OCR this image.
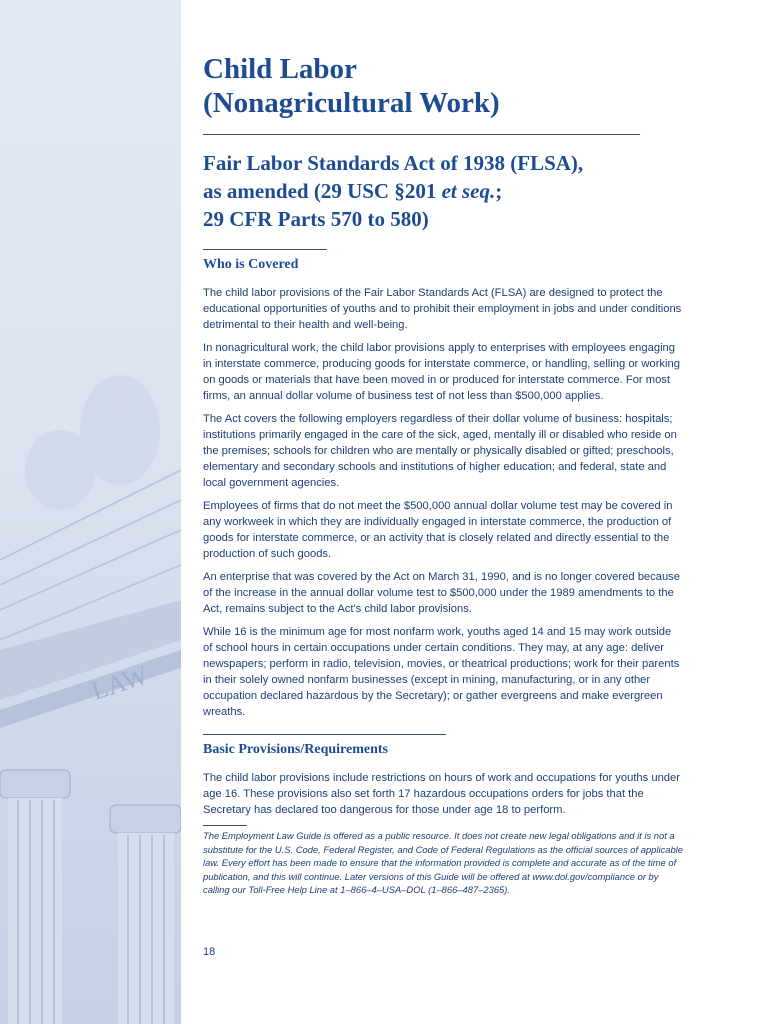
LAW
Child Labor
(Nonagricultural Work)
Fair Labor Standards Act of 1938 (FLSA),
as amended (29 USC §201 et seq.;
29 CFR Parts 570 to 580)
Who is Covered

The child labor provisions of the Fair Labor Standards Act (FLSA) are designed to protect the educational opportunities of youths and to prohibit their employment in jobs and under conditions detrimental to their health and well-being.

In nonagricultural work, the child labor provisions apply to enterprises with employees engaging in interstate commerce, producing goods for interstate commerce, or handling, selling or working on goods or materials that have been moved in or produced for interstate commerce. For most firms, an annual dollar volume of business test of not less than $500,000 applies.

The Act covers the following employers regardless of their dollar volume of business: hospitals; institutions primarily engaged in the care of the sick, aged, mentally ill or disabled who reside on the premises; schools for children who are mentally or physically disabled or gifted; preschools, elementary and secondary schools and institutions of higher education; and federal, state and local government agencies.

Employees of firms that do not meet the $500,000 annual dollar volume test may be covered in any workweek in which they are individually engaged in interstate commerce, the production of goods for interstate commerce, or an activity that is closely related and directly essential to the production of such goods.

An enterprise that was covered by the Act on March 31, 1990, and is no longer covered because of the increase in the annual dollar volume test to $500,000 under the 1989 amendments to the Act, remains subject to the Act's child labor provisions.

While 16 is the minimum age for most nonfarm work, youths aged 14 and 15 may work outside of school hours in certain occupations under certain conditions. They may, at any age: deliver newspapers; perform in radio, television, movies, or theatrical productions; work for their parents in their solely owned nonfarm businesses (except in mining, manufacturing, or in any other occupation declared hazardous by the Secretary); or gather evergreens and make evergreen wreaths.

Basic Provisions/Requirements

The child labor provisions include restrictions on hours of work and occupations for youths under age 16. These provisions also set forth 17 hazardous occupations orders for jobs that the Secretary has declared too dangerous for those under age 18 to perform.

The Employment Law Guide is offered as a public resource. It does not create new legal obligations and it is not a substitute for the U.S. Code, Federal Register, and Code of Federal Regulations as the official sources of applicable law. Every effort has been made to ensure that the information provided is complete and accurate as of the time of publication, and this will continue. Later versions of this Guide will be offered at www.dol.gov/compliance or by calling our Toll-Free Help Line at 1–866–4–USA–DOL (1–866–487–2365).

18
